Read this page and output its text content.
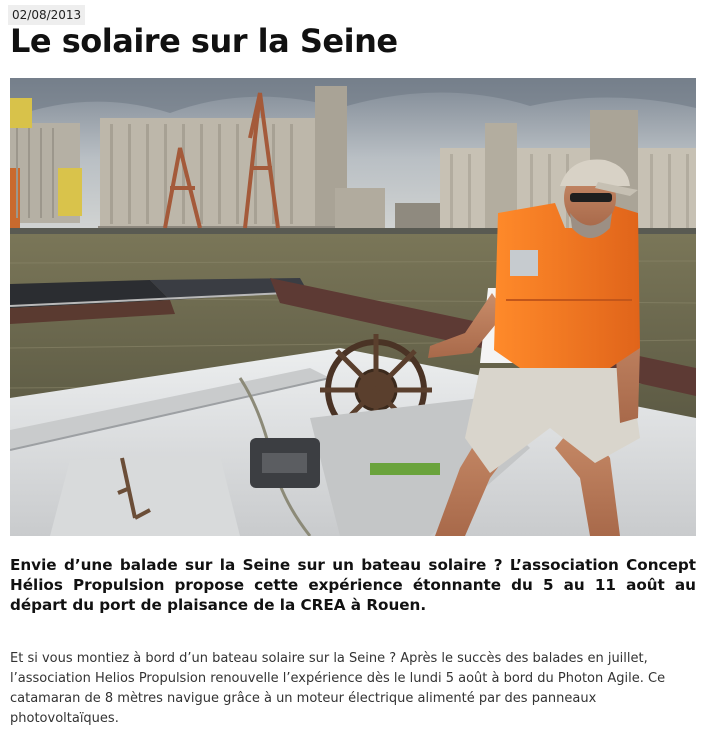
02/08/2013
Le solaire sur la Seine

Envie d’une balade sur la Seine sur un bateau solaire ? L’association Concept Hélios Propulsion propose cette expérience étonnante du 5 au 11 août au départ du port de plaisance de la CREA à Rouen.

Et si vous montiez à bord d’un bateau solaire sur la Seine ? Après le succès des balades en juillet, l’association Helios Propulsion renouvelle l’expérience dès le lundi 5 août à bord du Photon Agile. Ce catamaran de 8 mètres navigue grâce à un moteur électrique alimenté par des panneaux photovoltaïques.
